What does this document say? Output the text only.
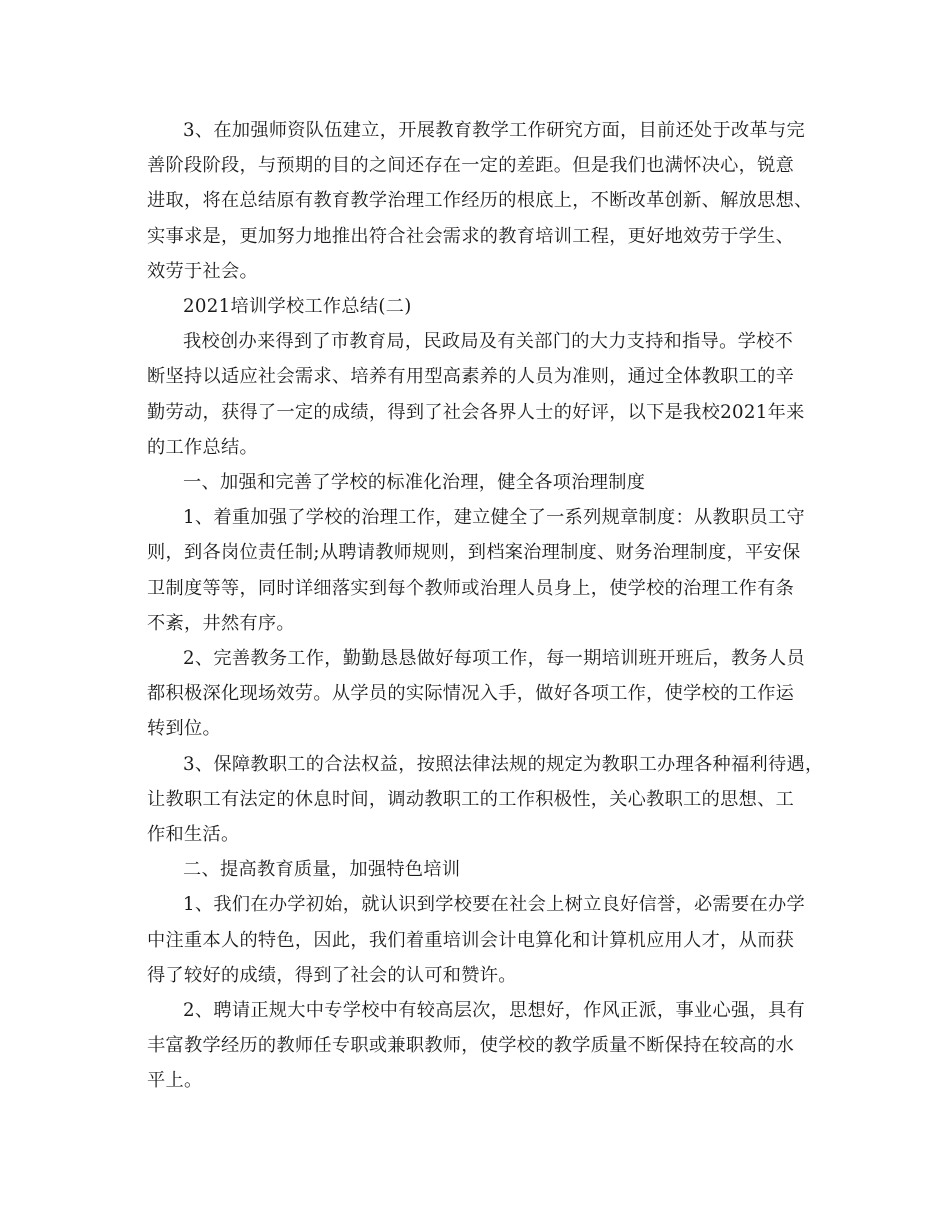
3、在加强师资队伍建立，开展教育教学工作研究方面，目前还处于改革与完
善阶段阶段，与预期的目的之间还存在一定的差距。但是我们也满怀决心，锐意
进取，将在总结原有教育教学治理工作经历的根底上，不断改革创新、解放思想、
实事求是，更加努力地推出符合社会需求的教育培训工程，更好地效劳于学生、
效劳于社会。
2021培训学校工作总结(二)
我校创办来得到了市教育局，民政局及有关部门的大力支持和指导。学校不
断坚持以适应社会需求、培养有用型高素养的人员为准则，通过全体教职工的辛
勤劳动，获得了一定的成绩，得到了社会各界人士的好评，以下是我校2021年来
的工作总结。
一、加强和完善了学校的标准化治理，健全各项治理制度
1、着重加强了学校的治理工作，建立健全了一系列规章制度：从教职员工守
则，到各岗位责任制;从聘请教师规则，到档案治理制度、财务治理制度，平安保
卫制度等等，同时详细落实到每个教师或治理人员身上，使学校的治理工作有条
不紊，井然有序。
2、完善教务工作，勤勤恳恳做好每项工作，每一期培训班开班后，教务人员
都积极深化现场效劳。从学员的实际情况入手，做好各项工作，使学校的工作运
转到位。
3、保障教职工的合法权益，按照法律法规的规定为教职工办理各种福利待遇，
让教职工有法定的休息时间，调动教职工的工作积极性，关心教职工的思想、工
作和生活。
二、提高教育质量，加强特色培训
1、我们在办学初始，就认识到学校要在社会上树立良好信誉，必需要在办学
中注重本人的特色，因此，我们着重培训会计电算化和计算机应用人才，从而获
得了较好的成绩，得到了社会的认可和赞许。
2、聘请正规大中专学校中有较高层次，思想好，作风正派，事业心强，具有
丰富教学经历的教师任专职或兼职教师，使学校的教学质量不断保持在较高的水
平上。
